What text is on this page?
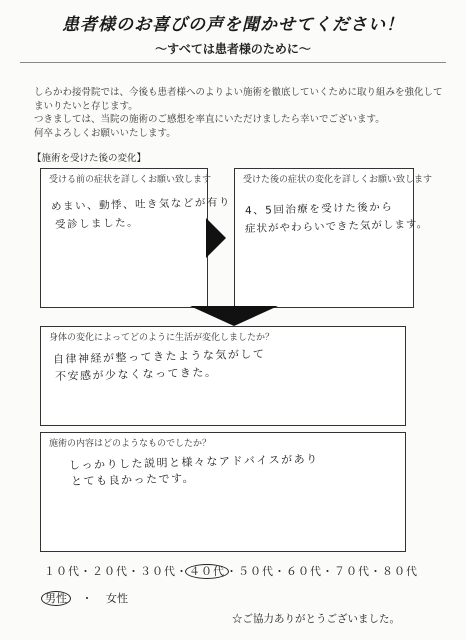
患者様のお喜びの声を聞かせてください！
～すべては患者様のために～
しらかわ接骨院では、今後も患者様へのよりよい施術を徹底していくために取り組みを強化して
まいりたいと存じます。
つきましては、当院の施術のご感想を率直にいただけましたら幸いでございます。
何卒よろしくお願いいたします。
【施術を受けた後の変化】
受ける前の症状を詳しくお願い致します
めまい、動悸、吐き気などが有り
受診しました。
受けた後の症状の変化を詳しくお願い致します
4、5回治療を受けた後から
症状がやわらいできた気がします。
身体の変化によってどのように生活が変化しましたか？
自律神経が整ってきたような気がして
不安感が少なくなってきた。
施術の内容はどのようなものでしたか？
しっかりした説明と様々なアドバイスがあり
とても良かったです。
１０代・２０代・３０代・４０代・５０代・６０代・７０代・８０代
男性 ・ 女性
☆ご協力ありがとうございました。
